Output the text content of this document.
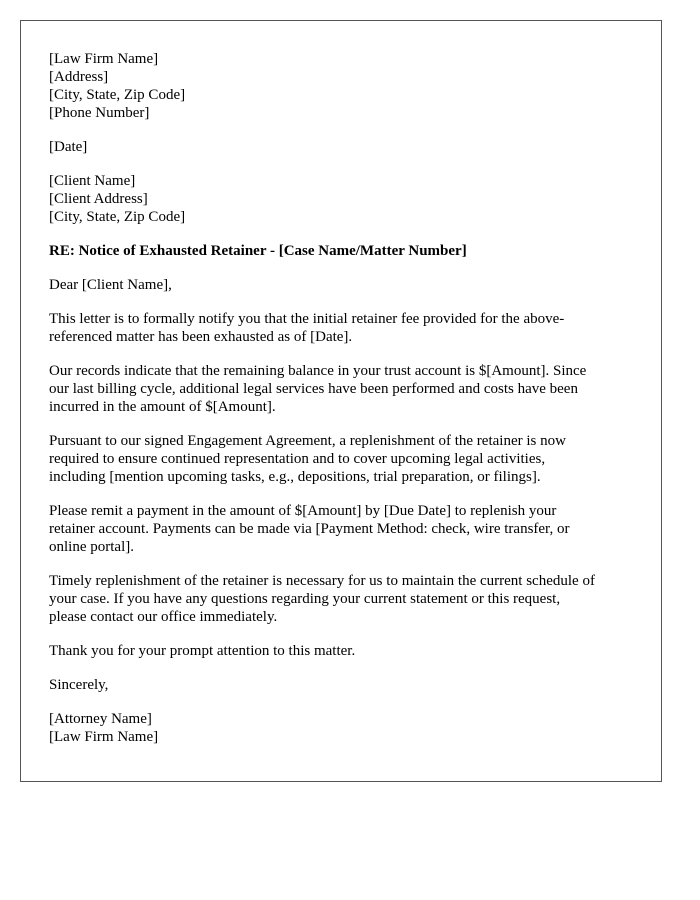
[Law Firm Name]
[Address]
[City, State, Zip Code]
[Phone Number]
[Date]
[Client Name]
[Client Address]
[City, State, Zip Code]
RE: Notice of Exhausted Retainer - [Case Name/Matter Number]
Dear [Client Name],
This letter is to formally notify you that the initial retainer fee provided for the above-
referenced matter has been exhausted as of [Date].
Our records indicate that the remaining balance in your trust account is $[Amount]. Since
our last billing cycle, additional legal services have been performed and costs have been
incurred in the amount of $[Amount].
Pursuant to our signed Engagement Agreement, a replenishment of the retainer is now
required to ensure continued representation and to cover upcoming legal activities,
including [mention upcoming tasks, e.g., depositions, trial preparation, or filings].
Please remit a payment in the amount of $[Amount] by [Due Date] to replenish your
retainer account. Payments can be made via [Payment Method: check, wire transfer, or
online portal].
Timely replenishment of the retainer is necessary for us to maintain the current schedule of
your case. If you have any questions regarding your current statement or this request,
please contact our office immediately.
Thank you for your prompt attention to this matter.
Sincerely,
[Attorney Name]
[Law Firm Name]
